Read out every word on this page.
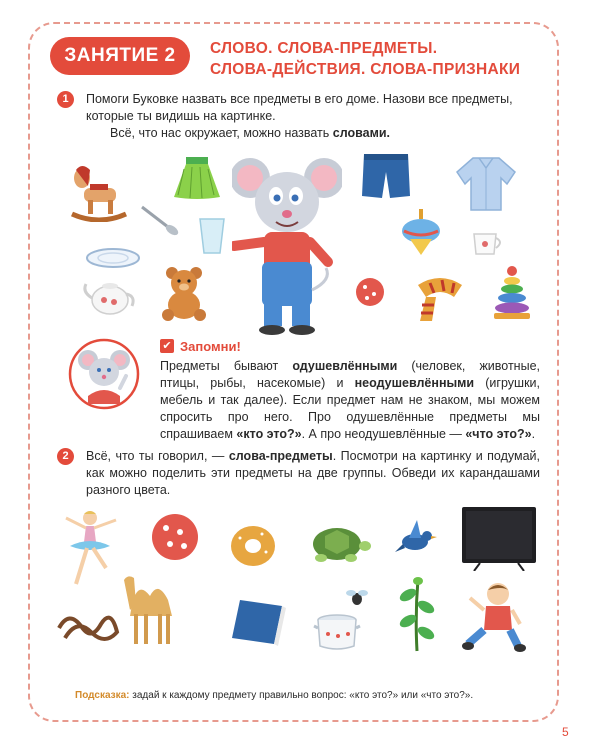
ЗАНЯТИЕ 2	СЛОВО. СЛОВА-ПРЕДМЕТЫ.
СЛОВА-ДЕЙСТВИЯ. СЛОВА-ПРИЗНАКИ
1	Помоги Буковке назвать все предметы в его доме. Назови все предметы,
которые ты видишь на картинке.
Всё, что нас окружает, можно назвать словами.
✔ Запомни!
Предметы бывают одушевлёнными (человек, животные, птицы, рыбы, насекомые) и неодушевлёнными (игрушки, мебель и так далее). Если предмет нам не знаком, мы можем спросить про него. Про одушевлённые предметы мы спрашиваем «кто это?». А про неодушевлённые — «что это?».
2	Всё, что ты говорил, — слова-предметы. Посмотри на картинку и подумай, как можно поделить эти предметы на две группы. Обведи их карандашами разного цвета.
Подсказка: задай к каждому предмету правильно вопрос: «кто это?» или «что это?».
5
